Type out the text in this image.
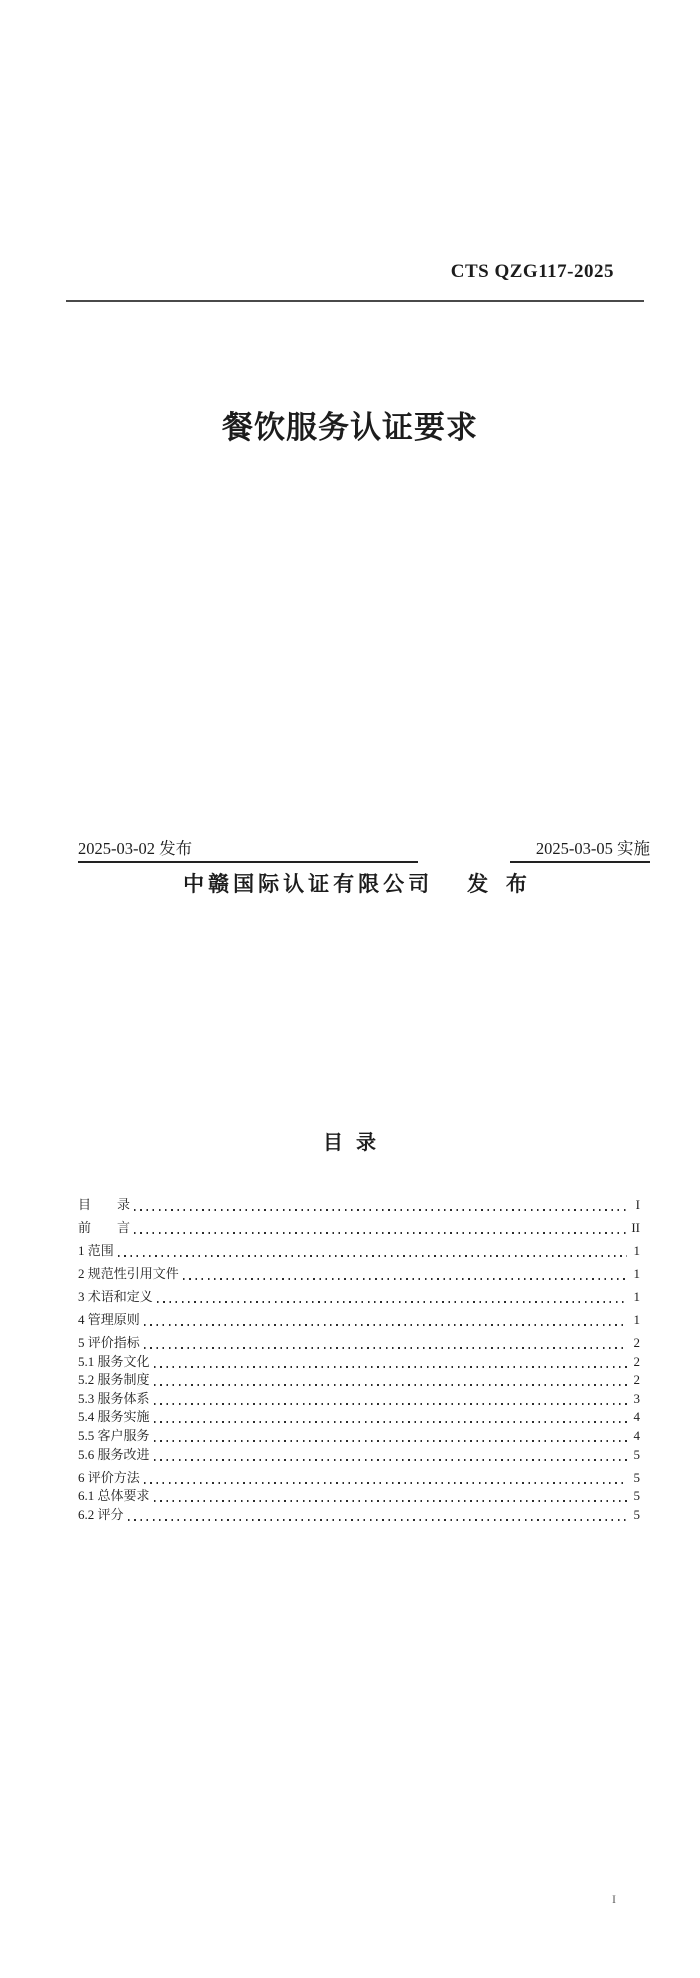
CTS QZG117-2025
餐饮服务认证要求
2025-03-02 发布	2025-03-05 实施
中赣国际认证有限公司 发 布
目  录
目　　录	I
前　　言	II
1 范围	1
2 规范性引用文件	1
3 术语和定义	1
4 管理原则	1
5 评价指标	2
5.1 服务文化	2
5.2 服务制度	2
5.3 服务体系	3
5.4 服务实施	4
5.5 客户服务	4
5.6 服务改进	5
6 评价方法	5
6.1 总体要求	5
6.2 评分	5
I
